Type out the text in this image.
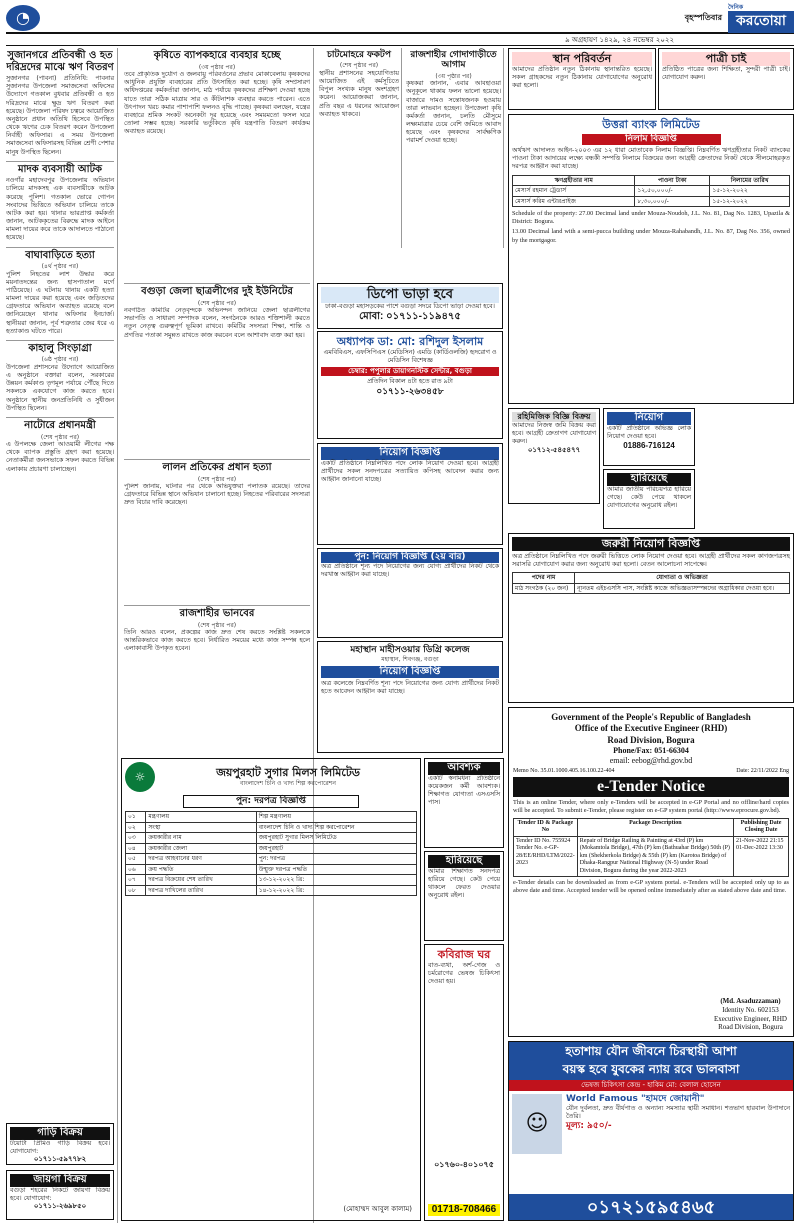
◔	বৃহস্পতিবার
দৈনিক
করতোয়া
৯ অগ্রহায়ণ ১৪২৯, ২৪ নভেম্বর ২০২২
সুজানগরে প্রতিবন্ধী ও হত দরিদ্রদের মাঝে ঋণ বিতরণ
সুজানগর (পাবনা) প্রতিনিধি: পাবনার সুজানগর উপজেলা সমাজসেবা অফিসের উদ্যোগে গতকাল বুধবার প্রতিবন্ধী ও হত দরিদ্রদের মাঝে ক্ষুদ্র ঋণ বিতরণ করা হয়েছে। উপজেলা পরিষদ চত্বরে আয়োজিত অনুষ্ঠানে প্রধান অতিথি হিসেবে উপস্থিত থেকে ঋণের চেক বিতরণ করেন উপজেলা নির্বাহী অফিসার। এ সময় উপজেলা সমাজসেবা অফিসারসহ বিভিন্ন শ্রেণী পেশার মানুষ উপস্থিত ছিলেন।
মাদক ব্যবসায়ী আটক
নওগাঁর মহাদেবপুর উপজেলায় অভিযান চালিয়ে মাদকসহ এক ব্যবসায়ীকে আটক করেছে পুলিশ। গতকাল ভোরে গোপন সংবাদের ভিত্তিতে অভিযান চালিয়ে তাকে আটক করা হয়। থানার ভারপ্রাপ্ত কর্মকর্তা জানান, আটককৃতের বিরুদ্ধে মাদক আইনে মামলা দায়ের করে তাকে আদালতে পাঠানো হয়েছে।
বাঘাবাড়িতে হত্যা
(৪র্থ পৃষ্ঠার পর)
পুলিশ নিহতের লাশ উদ্ধার করে ময়নাতদন্তের জন্য হাসপাতাল মর্গে পাঠিয়েছে। এ ঘটনায় থানায় একটি হত্যা মামলা দায়ের করা হয়েছে এবং জড়িতদের গ্রেফতারে অভিযান অব্যাহত রয়েছে বলে জানিয়েছেন থানার অফিসার ইনচার্জ। স্থানীয়রা জানান, পূর্ব শত্রুতার জের ধরে এ হত্যাকাণ্ড ঘটতে পারে।
কাহালু সিংড়াগ্রা
(৬ষ্ঠ পৃষ্ঠার পর)
উপজেলা প্রশাসনের উদ্যোগে আয়োজিত এ অনুষ্ঠানে বক্তারা বলেন, সরকারের উন্নয়ন কর্মকাণ্ড তৃণমূল পর্যায়ে পৌঁছে দিতে সকলকে একযোগে কাজ করতে হবে। অনুষ্ঠানে স্থানীয় জনপ্রতিনিধি ও সুধীজন উপস্থিত ছিলেন।
নাটোরে প্রধানমন্ত্রী
(শেষ পৃষ্ঠার পর)
এ উপলক্ষে জেলা আওয়ামী লীগের পক্ষ থেকে ব্যাপক প্রস্তুতি গ্রহণ করা হয়েছে। নেতাকর্মীরা জনসভাকে সফল করতে বিভিন্ন এলাকায় প্রচারণা চালাচ্ছেন।
গাড়ি বিক্রয়
টয়োটা প্রিমিও গাড়ি বিক্রয় হবে। যোগাযোগ:
০১৭১১-৫৯৭৭৮২
জায়গা বিক্রয়
বগুড়া শহরের নিকটে জায়গা বিক্রয় হবে। যোগাযোগ:
০১৭১১-২৬৯৮৫০
কৃষিতে ব্যাপকহারে ব্যবহার হচ্ছে
(৩য় পৃষ্ঠার পর)
তবে প্রাকৃতিক দুর্যোগ ও জলবায়ু পরিবর্তনের প্রভাব মোকাবেলায় কৃষকদের আধুনিক প্রযুক্তি ব্যবহারের প্রতি উৎসাহিত করা হচ্ছে। কৃষি সম্প্রসারণ অধিদপ্তরের কর্মকর্তারা জানান, মাঠ পর্যায়ে কৃষকদের প্রশিক্ষণ দেওয়া হচ্ছে যাতে তারা সঠিক মাত্রায় সার ও কীটনাশক ব্যবহার করতে পারেন। এতে উৎপাদন খরচ কমার পাশাপাশি ফলনও বৃদ্ধি পাচ্ছে। কৃষকরা বলছেন, যন্ত্রের ব্যবহারে শ্রমিক সংকট অনেকটা দূর হয়েছে এবং সময়মতো ফসল ঘরে তোলা সম্ভব হচ্ছে। সরকারি ভর্তুকিতে কৃষি যন্ত্রপাতি বিতরণ কার্যক্রম অব্যাহত রয়েছে।
বগুড়া জেলা ছাত্রলীগের দুই ইউনিটের
(শেষ পৃষ্ঠার পর)
নবগঠিত কমিটির নেতৃবৃন্দকে অভিনন্দন জানিয়ে জেলা ছাত্রলীগের সভাপতি ও সাধারণ সম্পাদক বলেন, সংগঠনকে আরও শক্তিশালী করতে নতুন নেতৃত্ব গুরুত্বপূর্ণ ভূমিকা রাখবে। কমিটির সদস্যরা শিক্ষা, শান্তি ও প্রগতির পতাকা সমুন্নত রাখতে কাজ করবেন বলে আশাবাদ ব্যক্ত করা হয়।
লালন প্রতিকের প্রধান হত্যা
(শেষ পৃষ্ঠার পর)
পুলিশ জানায়, ঘটনার পর থেকে অভিযুক্তরা পলাতক রয়েছে। তাদের গ্রেফতারে বিভিন্ন স্থানে অভিযান চালানো হচ্ছে। নিহতের পরিবারের সদস্যরা দ্রুত বিচার দাবি করেছেন।
রাজশাহীর ভানবের
(শেষ পৃষ্ঠার পর)
তিনি আরও বলেন, প্রকল্পের কাজ দ্রুত শেষ করতে সংশ্লিষ্ট সকলকে আন্তরিকভাবে কাজ করতে হবে। নির্ধারিত সময়ের মধ্যে কাজ সম্পন্ন হলে এলাকাবাসী উপকৃত হবেন।
চাটমোহরে ফকটপ
(শেষ পৃষ্ঠার পর)
স্থানীয় প্রশাসনের সহযোগিতায় আয়োজিত এই কর্মসূচিতে বিপুল সংখ্যক মানুষ অংশগ্রহণ করেন। আয়োজকরা জানান, প্রতি বছর এ ধরনের আয়োজন অব্যাহত থাকবে।
রাজশাহীর গোদাগাড়ীতে আগাম
(৩য় পৃষ্ঠার পর)
কৃষকরা জানান, এবার আবহাওয়া অনুকূলে থাকায় ফলন ভালো হয়েছে। বাজারে দামও সন্তোষজনক হওয়ায় তারা লাভবান হচ্ছেন। উপজেলা কৃষি কর্মকর্তা জানান, চলতি মৌসুমে লক্ষ্যমাত্রার চেয়ে বেশি জমিতে আবাদ হয়েছে এবং কৃষকদের সার্বক্ষণিক পরামর্শ দেওয়া হচ্ছে।
ডিপো ভাড়া হবে
ঢাকা-বগুড়া মহাসড়কের পাশে বগুড়া সদরে ডিপো ভাড়া দেওয়া হবে।
মোবা: ০১৭১১-১১৯৪৭৫
অধ্যাপক ডা: মো: রশিদুল ইসলাম
এমবিবিএস, এফসিপিএস (মেডিসিন) এমডি (কার্ডিওলজি) হৃদরোগ ও মেডিসিন বিশেষজ্ঞ
চেম্বার: পপুলার ডায়াগনস্টিক সেন্টার, বগুড়া
প্রতিদিন বিকাল ৪টা হতে রাত ৯টা
০১৭১১-২৬৩৪৫৮
নিয়োগ বিজ্ঞপ্তি
একটি প্রতিষ্ঠানে নিম্নলিখিত পদে লোক নিয়োগ দেওয়া হবে। আগ্রহী প্রার্থীদের সকল সনদপত্রের সত্যায়িত কপিসহ আবেদন করার জন্য আহ্বান জানানো যাচ্ছে।
পুন: নিয়োগ বিজ্ঞপ্তি (২য় বার)
অত্র প্রতিষ্ঠানে শূন্য পদে নিয়োগের জন্য যোগ্য প্রার্থীদের নিকট থেকে দরখাস্ত আহ্বান করা যাচ্ছে।
মহাস্থান মাহীসওয়ার ডিগ্রি কলেজ
মহাস্থান, শিবগঞ্জ, বগুড়া
নিয়োগ বিজ্ঞপ্তি
অত্র কলেজে নিম্নবর্ণিত শূন্য পদে নিয়োগের জন্য যোগ্য প্রার্থীদের নিকট হতে আবেদন আহ্বান করা যাচ্ছে।
☼	জয়পুরহাট সুগার মিলস লিমিটেড
বাংলাদেশ চিনি ও খাদ্য শিল্প করপোরেশন
পুন: দরপত্র বিজ্ঞপ্তি
০১	মন্ত্রণালয়	শিল্প মন্ত্রণালয়
০২	সংস্থা	বাংলাদেশ চিনি ও খাদ্য শিল্প করপোরেশন
০৩	ক্রয়কারীর নাম	জয়পুরহাট সুগার মিলস লিমিটেড
০৪	ক্রয়কারীর জেলা	জয়পুরহাট
০৫	দরপত্র আহবানের ধরণ	পুন: দরপত্র
০৬	ক্রয় পদ্ধতি	উন্মুক্ত দরপত্র পদ্ধতি
০৭	দরপত্র বিক্রয়ের শেষ তারিখ	১৩-১২-২০২২ খ্রি:
০৮	দরপত্র দাখিলের তারিখ	১৪-১২-২০২২ খ্রি:
(মোহাম্মদ আবুল কালাম)
আবশ্যক
একটি স্বনামধন্য প্রতিষ্ঠানে কয়েকজন কর্মী আবশ্যক। শিক্ষাগত যোগ্যতা এসএসসি পাস।
হারিয়েছে
আমার শিক্ষাগত সনদপত্র হারিয়ে গেছে। কেউ পেয়ে থাকলে ফেরত দেওয়ার অনুরোধ রইল।
কবিরাজ ঘর
বাত-ব্যথা, অর্শ-গেজ ও চর্মরোগের ভেষজ চিকিৎসা দেওয়া হয়।
০১৭৬০-৪০১০৭৫
01718-708466
স্থান পরিবর্তন
আমাদের প্রতিষ্ঠান নতুন ঠিকানায় স্থানান্তরিত হয়েছে। সকল গ্রাহকদের নতুন ঠিকানায় যোগাযোগের অনুরোধ করা হলো।
পাত্রী চাই
প্রতিষ্ঠিত পাত্রের জন্য শিক্ষিতা, সুন্দরী পাত্রী চাই। যোগাযোগ করুন।
উত্তরা ব্যাংক লিমিটেড
নিলাম বিজ্ঞপ্তি
অর্থঋণ আদালত আইন-২০০৩ এর ১২ ধারা মোতাবেক নিলাম বিজ্ঞপ্তি। নিম্নবর্ণিত ঋণগ্রহীতার নিকট ব্যাংকের পাওনা টাকা আদায়ের লক্ষ্যে বন্ধকী সম্পত্তি নিলামে বিক্রয়ের জন্য আগ্রহী ক্রেতাদের নিকট থেকে সীলমোহরকৃত দরপত্র আহ্বান করা যাচ্ছে।
ঋণগ্রহীতার নাম	পাওনা টাকা	নিলামের তারিখ
মেসার্স রহমান ট্রেডার্স	১২,৫০,০০০/-	১৫-১২-২০২২
মেসার্স করিম এন্টারপ্রাইজ	৮,৩০,০০০/-	১৫-১২-২০২২
Schedule of the property: 27.00 Decimal land under Mouza-Noudoh, J.L. No. 81, Dag No. 1283, Upazila & District: Bogura.
13.00 Decimal land with a semi-pucca building under Mouza-Rahabandh, J.L. No. 87, Dag No. 356, owned by the mortgagor.
রহিমিজিক বিজ্ঞি বিক্রয়
আমাদের নিজস্ব জমি বিক্রয় করা হবে। আগ্রহী ক্রেতাগণ যোগাযোগ করুন।
০১৭১২-৫৪৫৪৭৭
নিয়োগ
একটি প্রতিষ্ঠানে অভিজ্ঞ লোক নিয়োগ দেওয়া হবে।
01886-716124
হারিয়েছে
আমার জাতীয় পরিচয়পত্র হারিয়ে গেছে। কেউ পেয়ে থাকলে যোগাযোগের অনুরোধ রইল।
জরুরী নিয়োগ বিজ্ঞপ্তি
অত্র প্রতিষ্ঠানে নিম্নলিখিত পদে জরুরী ভিত্তিতে লোক নিয়োগ দেওয়া হবে। আগ্রহী প্রার্থীদের সকল কাগজপত্রসহ সরাসরি যোগাযোগ করার জন্য অনুরোধ করা হলো। বেতন আলোচনা সাপেক্ষে।
পদের নাম	যোগ্যতা ও অভিজ্ঞতা
মাঠ সংগঠক (২০ জন)	ন্যূনতম এইচএসসি পাস, সংশ্লিষ্ট কাজে অভিজ্ঞতাসম্পন্নদের অগ্রাধিকার দেওয়া হবে।
Government of the People's Republic of Bangladesh
Office of the Executive Engineer (RHD)
Road Division, Bogura
Phone/Fax: 051-66304
email: eebog@rhd.gov.bd
Memo No. 35.01.1000.405.16.100.22-404	Date: 22/11/2022 Eng
e-Tender Notice
This is an online Tender, where only e-Tenders will be accepted in e-GP Portal and no offline/hard copies will be accepted. To submit e-Tender, please register on e-GP system portal (http://www.eprocure.gov.bd).
Tender ID & Package No	Package Description	Publishing Date Closing Date
Tender ID No. 755924 Tender No. e-GP-28/EE/RHD/LTM/2022-2023	Repair of Bridge Railing & Painting at 43rd (P) km (Mokamtola Bridge), 47th (P) km (Bathuahar Bridge) 50th (P) km (Shekherkola Bridge) & 55th (P) km (Karotoa Bridge) of Dhaka-Rangpur National Highway (N-5) under Road Division, Bogura during the year 2022-2023	21-Nov-2022 21:15 01-Dec-2022 13:30
e-Tender details can be downloaded as from e-GP system portal. e-Tenders will be accepted only up to as above date and time. Accepted tender will be opened online immediately after as stated above date and time.
(Md. Asaduzzaman)
Identity No. 602153
Executive Engineer, RHD
Road Division, Bogura
হতাশায় যৌন জীবনে চিরস্থায়ী আশা
বয়স্ক হবে যুবকের ন্যায় রবে ভালবাসা
ভেষজ চিকিৎসা কেন্দ্র - হাকিম মো: বেলাল হোসেন
☺
World Famous "হামদে জোয়ানী"
যৌন দুর্বলতা, দ্রুত বীর্যপাত ও অন্যান্য সমস্যার স্থায়ী সমাধান। শতভাগ হারবাল উপাদানে তৈরি।
মূল্য: ৯৫০/-
০১৭২১৫৯৫৪৬৫
